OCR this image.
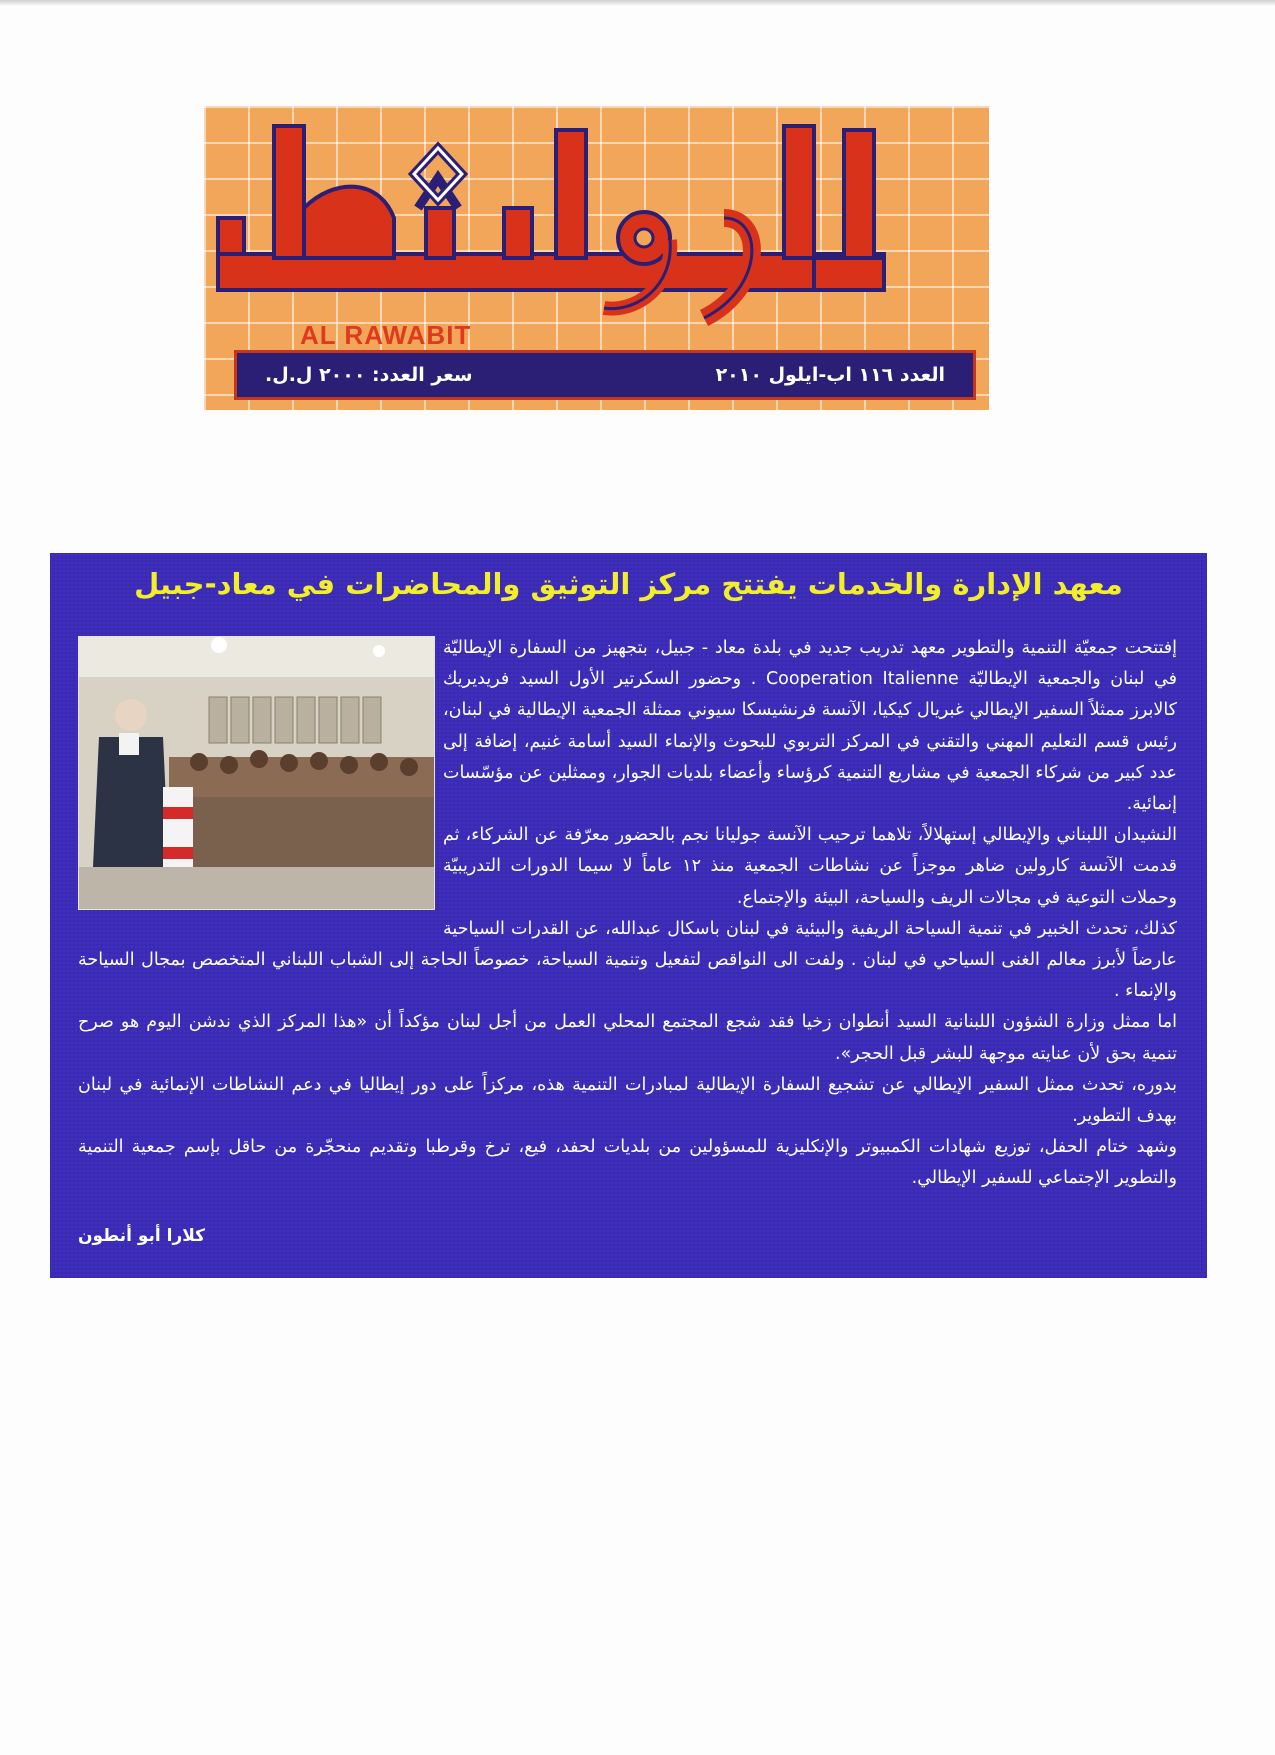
AL RAWABIT
العدد ١١٦ اب-ايلول ٢٠١٠
سعر العدد: ٢٠٠٠ ل.ل.
معهد الإدارة والخدمات يفتتح مركز التوثيق والمحاضرات في معاد-جبيل

إفتتحت جمعيّة التنمية والتطوير معهد تدريب جديد في بلدة معاد - جبيل، بتجهيز من السفارة الإيطاليّة في لبنان والجمعية الإيطاليّة Cooperation Italienne . وحضور السكرتير الأول السيد فريديريك كالابرز ممثلاً السفير الإيطالي غبريال كيكيا، الآنسة فرنشيسكا سيوني ممثلة الجمعية الإيطالية في لبنان، رئيس قسم التعليم المهني والتقني في المركز التربوي للبحوث والإنماء السيد أسامة غنيم، إضافة إلى عدد كبير من شركاء الجمعية في مشاريع التنمية كرؤساء وأعضاء بلديات الجوار، وممثلين عن مؤسّسات إنمائية.

النشيدان اللبناني والإيطالي إستهلالاً، تلاهما ترحيب الآنسة جوليانا نجم بالحضور معرّفة عن الشركاء، ثم قدمت الآنسة كارولين ضاهر موجزاً عن نشاطات الجمعية منذ ١٢ عاماً لا سيما الدورات التدريبيّة وحملات التوعية في مجالات الريف والسياحة، البيئة والإجتماع.

كذلك، تحدث الخبير في تنمية السياحة الريفية والبيئية في لبنان باسكال عبدالله، عن القدرات السياحية عارضاً لأبرز معالم الغنى السياحي في لبنان . ولفت الى النواقص لتفعيل وتنمية السياحة، خصوصاً الحاجة إلى الشباب اللبناني المتخصص بمجال السياحة والإنماء .

اما ممثل وزارة الشؤون اللبنانية السيد أنطوان زخيا فقد شجع المجتمع المحلي العمل من أجل لبنان مؤكداً أن «هذا المركز الذي ندشن اليوم هو صرح تنمية بحق لأن عنايته موجهة للبشر قبل الحجر».

بدوره، تحدث ممثل السفير الإيطالي عن تشجيع السفارة الإيطالية لمبادرات التنمية هذه، مركزاً على دور إيطاليا في دعم النشاطات الإنمائية في لبنان بهدف التطوير.

وشهد ختام الحفل، توزيع شهادات الكمبيوتر والإنكليزية للمسؤولين من بلديات لحفد، فيع، ترخ وقرطبا وتقديم منحجّرة من حاقل بإسم جمعية التنمية والتطوير الإجتماعي للسفير الإيطالي.

كلارا أبو أنطون
